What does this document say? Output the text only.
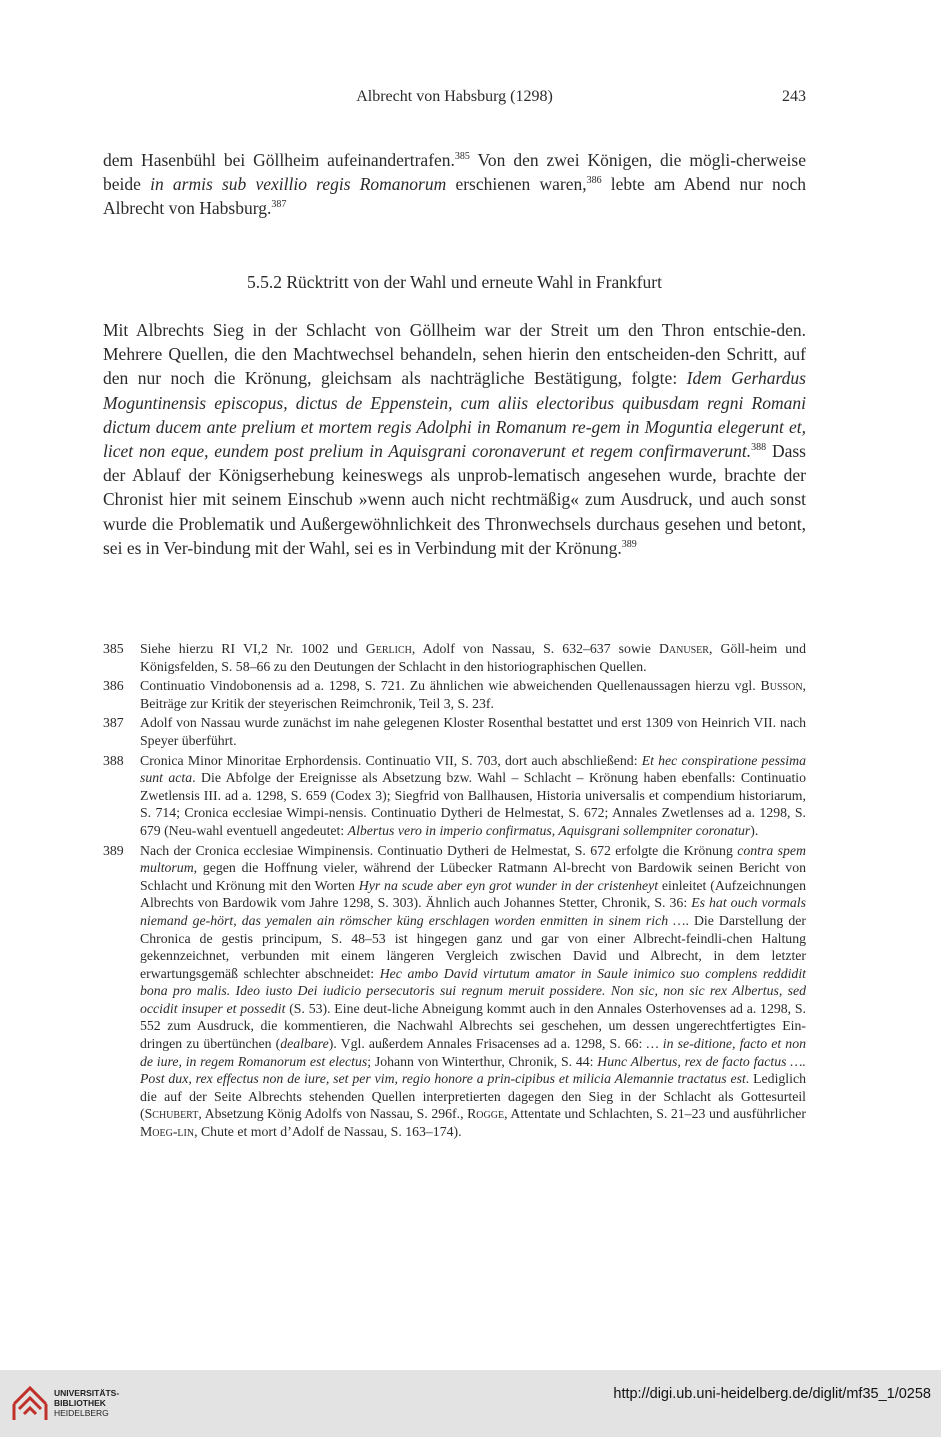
Albrecht von Habsburg (1298)	243
dem Hasenbühl bei Göllheim aufeinandertrafen.$^{385}$ Von den zwei Königen, die mögli-cherweise beide in armis sub vexillio regis Romanorum erschienen waren,$^{386}$ lebte am Abend nur noch Albrecht von Habsburg.$^{387}$
5.5.2 Rücktritt von der Wahl und erneute Wahl in Frankfurt
Mit Albrechts Sieg in der Schlacht von Göllheim war der Streit um den Thron entschie-den. Mehrere Quellen, die den Machtwechsel behandeln, sehen hierin den entscheiden-den Schritt, auf den nur noch die Krönung, gleichsam als nachträgliche Bestätigung, folgte: Idem Gerhardus Moguntinensis episcopus, dictus de Eppenstein, cum aliis electoribus quibusdam regni Romani dictum ducem ante prelium et mortem regis Adolphi in Romanum re-gem in Moguntia elegerunt et, licet non eque, eundem post prelium in Aquisgrani coronaverunt et regem confirmaverunt.$^{388}$ Dass der Ablauf der Königserhebung keineswegs als unprob-lematisch angesehen wurde, brachte der Chronist hier mit seinem Einschub »wenn auch nicht rechtmäßig« zum Ausdruck, und auch sonst wurde die Problematik und Außergewöhnlichkeit des Thronwechsels durchaus gesehen und betont, sei es in Ver-bindung mit der Wahl, sei es in Verbindung mit der Krönung.$^{389}$
385 Siehe hierzu RI VI,2 Nr. 1002 und Gerlich, Adolf von Nassau, S. 632–637 sowie Danuser, Göll-heim und Königsfelden, S. 58–66 zu den Deutungen der Schlacht in den historiographischen Quellen.
386 Continuatio Vindobonensis ad a. 1298, S. 721. Zu ähnlichen wie abweichenden Quellenaussagen hierzu vgl. Busson, Beiträge zur Kritik der steyerischen Reimchronik, Teil 3, S. 23f.
387 Adolf von Nassau wurde zunächst im nahe gelegenen Kloster Rosenthal bestattet und erst 1309 von Heinrich VII. nach Speyer überführt.
388 Cronica Minor Minoritae Erphordensis. Continuatio VII, S. 703, dort auch abschließend: Et hec conspiratione pessima sunt acta. Die Abfolge der Ereignisse als Absetzung bzw. Wahl – Schlacht – Krönung haben ebenfalls: Continuatio Zwetlensis III. ad a. 1298, S. 659 (Codex 3); Siegfrid von Ballhausen, Historia universalis et compendium historiarum, S. 714; Cronica ecclesiae Wimpi-nensis. Continuatio Dytheri de Helmestat, S. 672; Annales Zwetlenses ad a. 1298, S. 679 (Neu-wahl eventuell angedeutet: Albertus vero in imperio confirmatus, Aquisgrani sollempniter coronatur).
389 Nach der Cronica ecclesiae Wimpinensis. Continuatio Dytheri de Helmestat, S. 672 erfolgte die Krönung contra spem multorum, gegen die Hoffnung vieler, während der Lübecker Ratmann Al-brecht von Bardowik seinen Bericht von Schlacht und Krönung mit den Worten Hyr na scude aber eyn grot wunder in der cristenheyt einleitet (Aufzeichnungen Albrechts von Bardowik vom Jahre 1298, S. 303). Ähnlich auch Johannes Stetter, Chronik, S. 36: Es hat ouch vormals niemand ge-hört, das yemalen ain römscher küng erschlagen worden enmitten in sinem rich …. Die Darstellung der Chronica de gestis principum, S. 48–53 ist hingegen ganz und gar von einer Albrecht-feindli-chen Haltung gekennzeichnet, verbunden mit einem längeren Vergleich zwischen David und Albrecht, in dem letzter erwartungsgemäß schlechter abschneidet: Hec ambo David virtutum amator in Saule inimico suo complens reddidit bona pro malis. Ideo iusto Dei iudicio persecutoris sui regnum meruit possidere. Non sic, non sic rex Albertus, sed occidit insuper et possedit (S. 53). Eine deut-liche Abneigung kommt auch in den Annales Osterhovenses ad a. 1298, S. 552 zum Ausdruck, die kommentieren, die Nachwahl Albrechts sei geschehen, um dessen ungerechtfertigtes Ein-dringen zu übertünchen (dealbare). Vgl. außerdem Annales Frisacenses ad a. 1298, S. 66: … in se-ditione, facto et non de iure, in regem Romanorum est electus; Johann von Winterthur, Chronik, S. 44: Hunc Albertus, rex de facto factus …. Post dux, rex effectus non de iure, set per vim, regio honore a prin-cipibus et milicia Alemannie tractatus est. Lediglich die auf der Seite Albrechts stehenden Quellen interpretierten dagegen den Sieg in der Schlacht als Gottesurteil (Schubert, Absetzung König Adolfs von Nassau, S. 296f., Rogge, Attentate und Schlachten, S. 21–23 und ausführlicher Moeg-lin, Chute et mort d’Adolf de Nassau, S. 163–174).
UNIVERSITÄTS-
BIBLIOTHEK
HEIDELBERG
http://digi.ub.uni-heidelberg.de/diglit/mf35_1/0258
